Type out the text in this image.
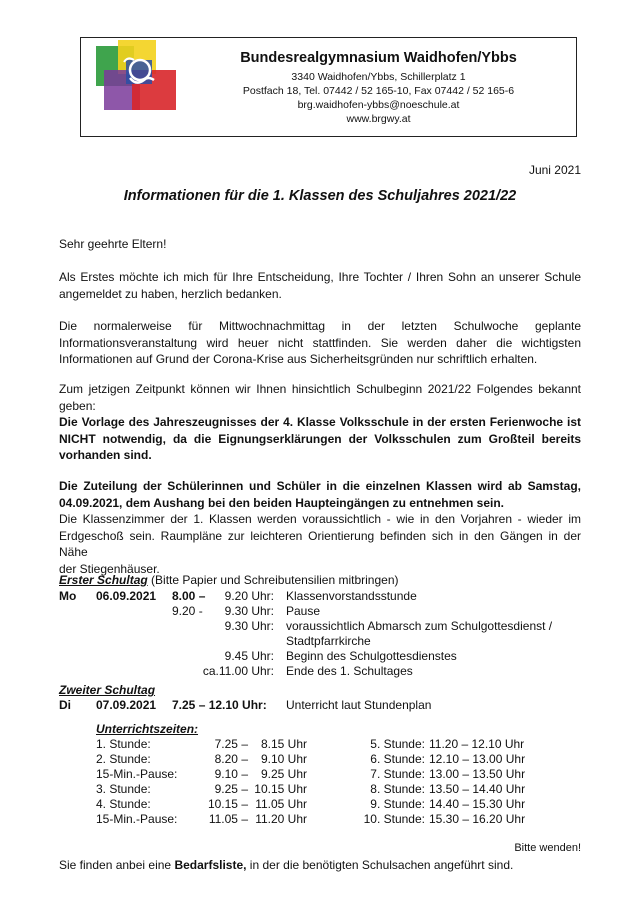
Bundesrealgymnasium Waidhofen/Ybbs
3340 Waidhofen/Ybbs, Schillerplatz 1
Postfach 18, Tel. 07442 / 52 165-10, Fax 07442 / 52 165-6
brg.waidhofen-ybbs@noeschule.at
www.brgwy.at
Juni 2021
Informationen für die 1. Klassen des Schuljahres 2021/22
Sehr geehrte Eltern!
Als Erstes möchte ich mich für Ihre Entscheidung, Ihre Tochter / Ihren Sohn an unserer Schule
angemeldet zu haben, herzlich bedanken.
Die normalerweise für Mittwochnachmittag in der letzten Schulwoche geplante
Informationsveranstaltung wird heuer nicht stattfinden. Sie werden daher die wichtigsten
Informationen auf Grund der Corona-Krise aus Sicherheitsgründen nur schriftlich erhalten.
Zum jetzigen Zeitpunkt können wir Ihnen hinsichtlich Schulbeginn 2021/22 Folgendes bekannt
geben:
Die Vorlage des Jahreszeugnisses der 4. Klasse Volksschule in der ersten Ferienwoche ist
NICHT notwendig, da die Eignungserklärungen der Volksschulen zum Großteil bereits
vorhanden sind.
Die Zuteilung der Schülerinnen und Schüler in die einzelnen Klassen wird ab Samstag,
04.09.2021, dem Aushang bei den beiden Haupteingängen zu entnehmen sein.
Die Klassenzimmer der 1. Klassen werden voraussichtlich - wie in den Vorjahren - wieder im
Erdgeschoß sein. Raumpläne zur leichteren Orientierung befinden sich in den Gängen in der Nähe
der Stiegenhäuser.
Erster Schultag (Bitte Papier und Schreibutensilien mitbringen)
Mo 06.09.2021 8.00 –	9.20 Uhr: Klassenvorstandsstunde
9.20 -	9.30 Uhr: Pause
9.30 Uhr: voraussichtlich Abmarsch zum Schulgottesdienst /
Stadtpfarrkirche
9.45 Uhr: Beginn des Schulgottesdienstes
ca.11.00 Uhr: Ende des 1. Schultages
Zweiter Schultag
Di 07.09.2021 7.25 – 12.10 Uhr: Unterricht laut Stundenplan
Unterrichtszeiten:
1. Stunde:	7.25 –	8.15 Uhr
2. Stunde:	8.20 –	9.10 Uhr
15-Min.-Pause:	9.10 –	9.25 Uhr
3. Stunde:	9.25 – 10.15 Uhr
4. Stunde:	10.15 – 11.05 Uhr
15-Min.-Pause:	11.05 – 11.20 Uhr
5. Stunde: 11.20 – 12.10 Uhr
6. Stunde: 12.10 – 13.00 Uhr
7. Stunde: 13.00 – 13.50 Uhr
8. Stunde: 13.50 – 14.40 Uhr
9. Stunde: 14.40 – 15.30 Uhr
10. Stunde: 15.30 – 16.20 Uhr
Bitte wenden!
Sie finden anbei eine Bedarfsliste, in der die benötigten Schulsachen angeführt sind.
